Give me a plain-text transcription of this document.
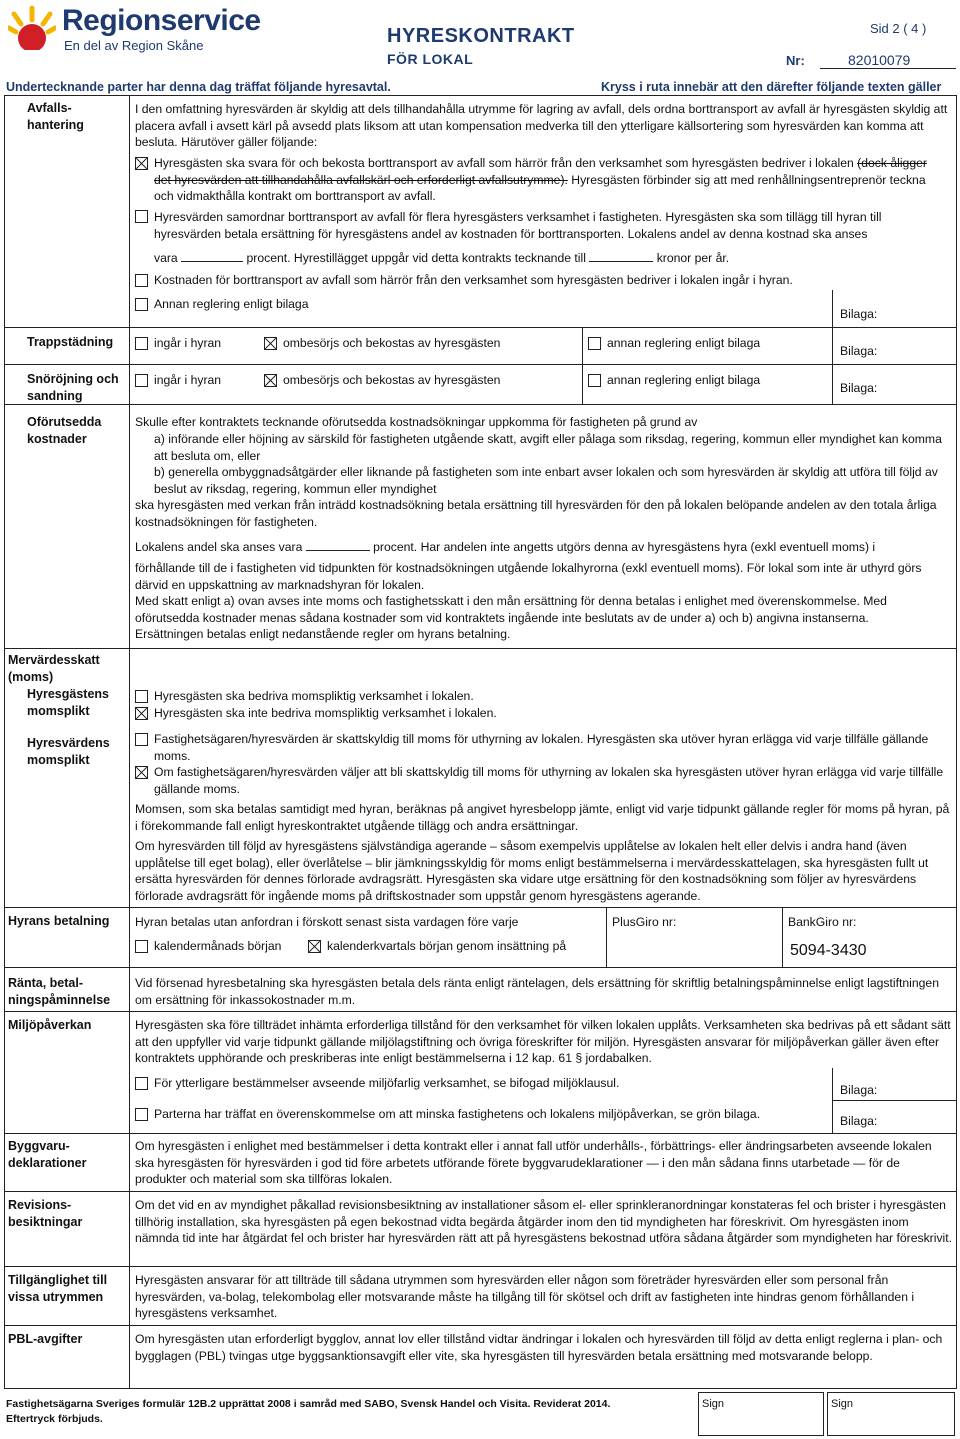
Regionservice
En del av Region Skåne	HYRESKONTRAKT
FÖR LOKAL
Sid 2 ( 4 )
Nr:	82010079
Undertecknande parter har denna dag träffat följande hyresavtal.	Kryss i ruta innebär att den därefter följande texten gäller
Avfalls-
hantering
I den omfattning hyresvärden är skyldig att dels tillhandahålla utrymme för lagring av avfall, dels ordna borttransport av avfall är hyresgästen skyldig att placera avfall i avsett kärl på avsedd plats liksom att utan kompensation medverka till den ytterligare källsortering som hyresvärden kan komma att besluta. Härutöver gäller följande:
Hyresgästen ska svara för och bekosta borttransport av avfall som härrör från den verksamhet som hyresgästen bedriver i lokalen (dock åligger det hyresvärden att tillhandahålla avfallskärl och erforderligt avfallsutrymme). Hyresgästen förbinder sig att med renhållningsentreprenör teckna och vidmakthålla kontrakt om borttransport av avfall.
Hyresvärden samordnar borttransport av avfall för flera hyresgästers verksamhet i fastigheten. Hyresgästen ska som tillägg till hyran till hyresvärden betala ersättning för hyresgästens andel av kostnaden för borttransporten. Lokalens andel av denna kostnad ska anses
vara	procent. Hyrestillägget uppgår vid detta kontrakts tecknande till	kronor per år.
Kostnaden för borttransport av avfall som härrör från den verksamhet som hyresgästen bedriver i lokalen ingår i hyran.
Annan reglering enligt bilaga
Bilaga:
Trappstädning	ingår i hyran	ombesörjs och bekostas av hyresgästen	annan reglering enligt bilaga
Bilaga:
Snöröjning och
sandning
ingår i hyran	ombesörjs och bekostas av hyresgästen	annan reglering enligt bilaga
Bilaga:
Oförutsedda
kostnader
Skulle efter kontraktets tecknande oförutsedda kostnadsökningar uppkomma för fastigheten på grund av
a) införande eller höjning av särskild för fastigheten utgående skatt, avgift eller pålaga som riksdag, regering, kommun eller myndighet kan komma att besluta om, eller
b) generella ombyggnadsåtgärder eller liknande på fastigheten som inte enbart avser lokalen och som hyresvärden är skyldig att utföra till följd av beslut av riksdag, regering, kommun eller myndighet
ska hyresgästen med verkan från inträdd kostnadsökning betala ersättning till hyresvärden för den på lokalen belöpande andelen av den totala årliga kostnadsökningen för fastigheten.
Lokalens andel ska anses vara	procent. Har andelen inte angetts utgörs denna av hyresgästens hyra (exkl eventuell moms) i
förhållande till de i fastigheten vid tidpunkten för kostnadsökningen utgående lokalhyrorna (exkl eventuell moms). För lokal som inte är uthyrd görs därvid en uppskattning av marknadshyran för lokalen.
Med skatt enligt a) ovan avses inte moms och fastighetsskatt i den mån ersättning för denna betalas i enlighet med överenskommelse. Med oförutsedda kostnader menas sådana kostnader som vid kontraktets ingående inte beslutats av de under a) och b) angivna instanserna.
Ersättningen betalas enligt nedanstående regler om hyrans betalning.
Mervärdesskatt
(moms)
Hyresgästens
momsplikt
Hyresvärdens
momsplikt
Hyresgästen ska bedriva momspliktig verksamhet i lokalen.
Hyresgästen ska inte bedriva momspliktig verksamhet i lokalen.
Fastighetsägaren/hyresvärden är skattskyldig till moms för uthyrning av lokalen. Hyresgästen ska utöver hyran erlägga vid varje tillfälle gällande moms.
Om fastighetsägaren/hyresvärden väljer att bli skattskyldig till moms för uthyrning av lokalen ska hyresgästen utöver hyran erlägga vid varje tillfälle gällande moms.
Momsen, som ska betalas samtidigt med hyran, beräknas på angivet hyresbelopp jämte, enligt vid varje tidpunkt gällande regler för moms på hyran, på i förekommande fall enligt hyreskontraktet utgående tillägg och andra ersättningar.
Om hyresvärden till följd av hyresgästens självständiga agerande – såsom exempelvis upplåtelse av lokalen helt eller delvis i andra hand (även upplåtelse till eget bolag), eller överlåtelse – blir jämkningsskyldig för moms enligt bestämmelserna i mervärdesskattelagen, ska hyresgästen fullt ut ersätta hyresvärden för dennes förlorade avdragsrätt. Hyresgästen ska vidare utge ersättning för den kostnadsökning som följer av hyresvärdens förlorade avdragsrätt för ingående moms på driftskostnader som uppstår genom hyresgästens agerande.
Hyrans betalning	Hyran betalas utan anfordran i förskott senast sista vardagen före varje
kalendermånads början	kalenderkvartals början genom insättning på
PlusGiro nr:	BankGiro nr:
5094-3430
Ränta, betal-
ningspåminnelse
Vid försenad hyresbetalning ska hyresgästen betala dels ränta enligt räntelagen, dels ersättning för skriftlig betalningspåminnelse enligt lagstiftningen om ersättning för inkassokostnader m.m.
Miljöpåverkan	Hyresgästen ska före tillträdet inhämta erforderliga tillstånd för den verksamhet för vilken lokalen upplåts. Verksamheten ska bedrivas på ett sådant sätt att den uppfyller vid varje tidpunkt gällande miljölagstiftning och övriga föreskrifter för miljön. Hyresgästen ansvarar för miljöpåverkan gäller även efter kontraktets upphörande och preskriberas inte enligt bestämmelserna i 12 kap. 61 § jordabalken.
För ytterligare bestämmelser avseende miljöfarlig verksamhet, se bifogad miljöklausul.	Bilaga:
Parterna har träffat en överenskommelse om att minska fastighetens och lokalens miljöpåverkan, se grön bilaga.	Bilaga:
Byggvaru-
deklarationer
Om hyresgästen i enlighet med bestämmelser i detta kontrakt eller i annat fall utför underhålls-, förbättrings- eller ändringsarbeten avseende lokalen ska hyresgästen för hyresvärden i god tid före arbetets utförande förete byggvarudeklarationer — i den mån sådana finns utarbetade — för de produkter och material som ska tillföras lokalen.
Revisions-
besiktningar
Om det vid en av myndighet påkallad revisionsbesiktning av installationer såsom el- eller sprinkleranordningar konstateras fel och brister i hyresgästen tillhörig installation, ska hyresgästen på egen bekostnad vidta begärda åtgärder inom den tid myndigheten har föreskrivit. Om hyresgästen inom nämnda tid inte har åtgärdat fel och brister har hyresvärden rätt att på hyresgästens bekostnad utföra sådana åtgärder som myndigheten har föreskrivit.
Tillgänglighet till
vissa utrymmen
Hyresgästen ansvarar för att tillträde till sådana utrymmen som hyresvärden eller någon som företräder hyresvärden eller som personal från hyresvärden, va-bolag, telekombolag eller motsvarande måste ha tillgång till för skötsel och drift av fastigheten inte hindras genom förhållanden i hyresgästens verksamhet.
PBL-avgifter	Om hyresgästen utan erforderligt bygglov, annat lov eller tillstånd vidtar ändringar i lokalen och hyresvärden till följd av detta enligt reglerna i plan- och bygglagen (PBL) tvingas utge byggsanktionsavgift eller vite, ska hyresgästen till hyresvärden betala ersättning med motsvarande belopp.
Fastighetsägarna Sveriges formulär 12B.2 upprättat 2008 i samråd med SABO, Svensk Handel och Visita. Reviderat 2014.
Eftertryck förbjuds.
Sign	Sign
